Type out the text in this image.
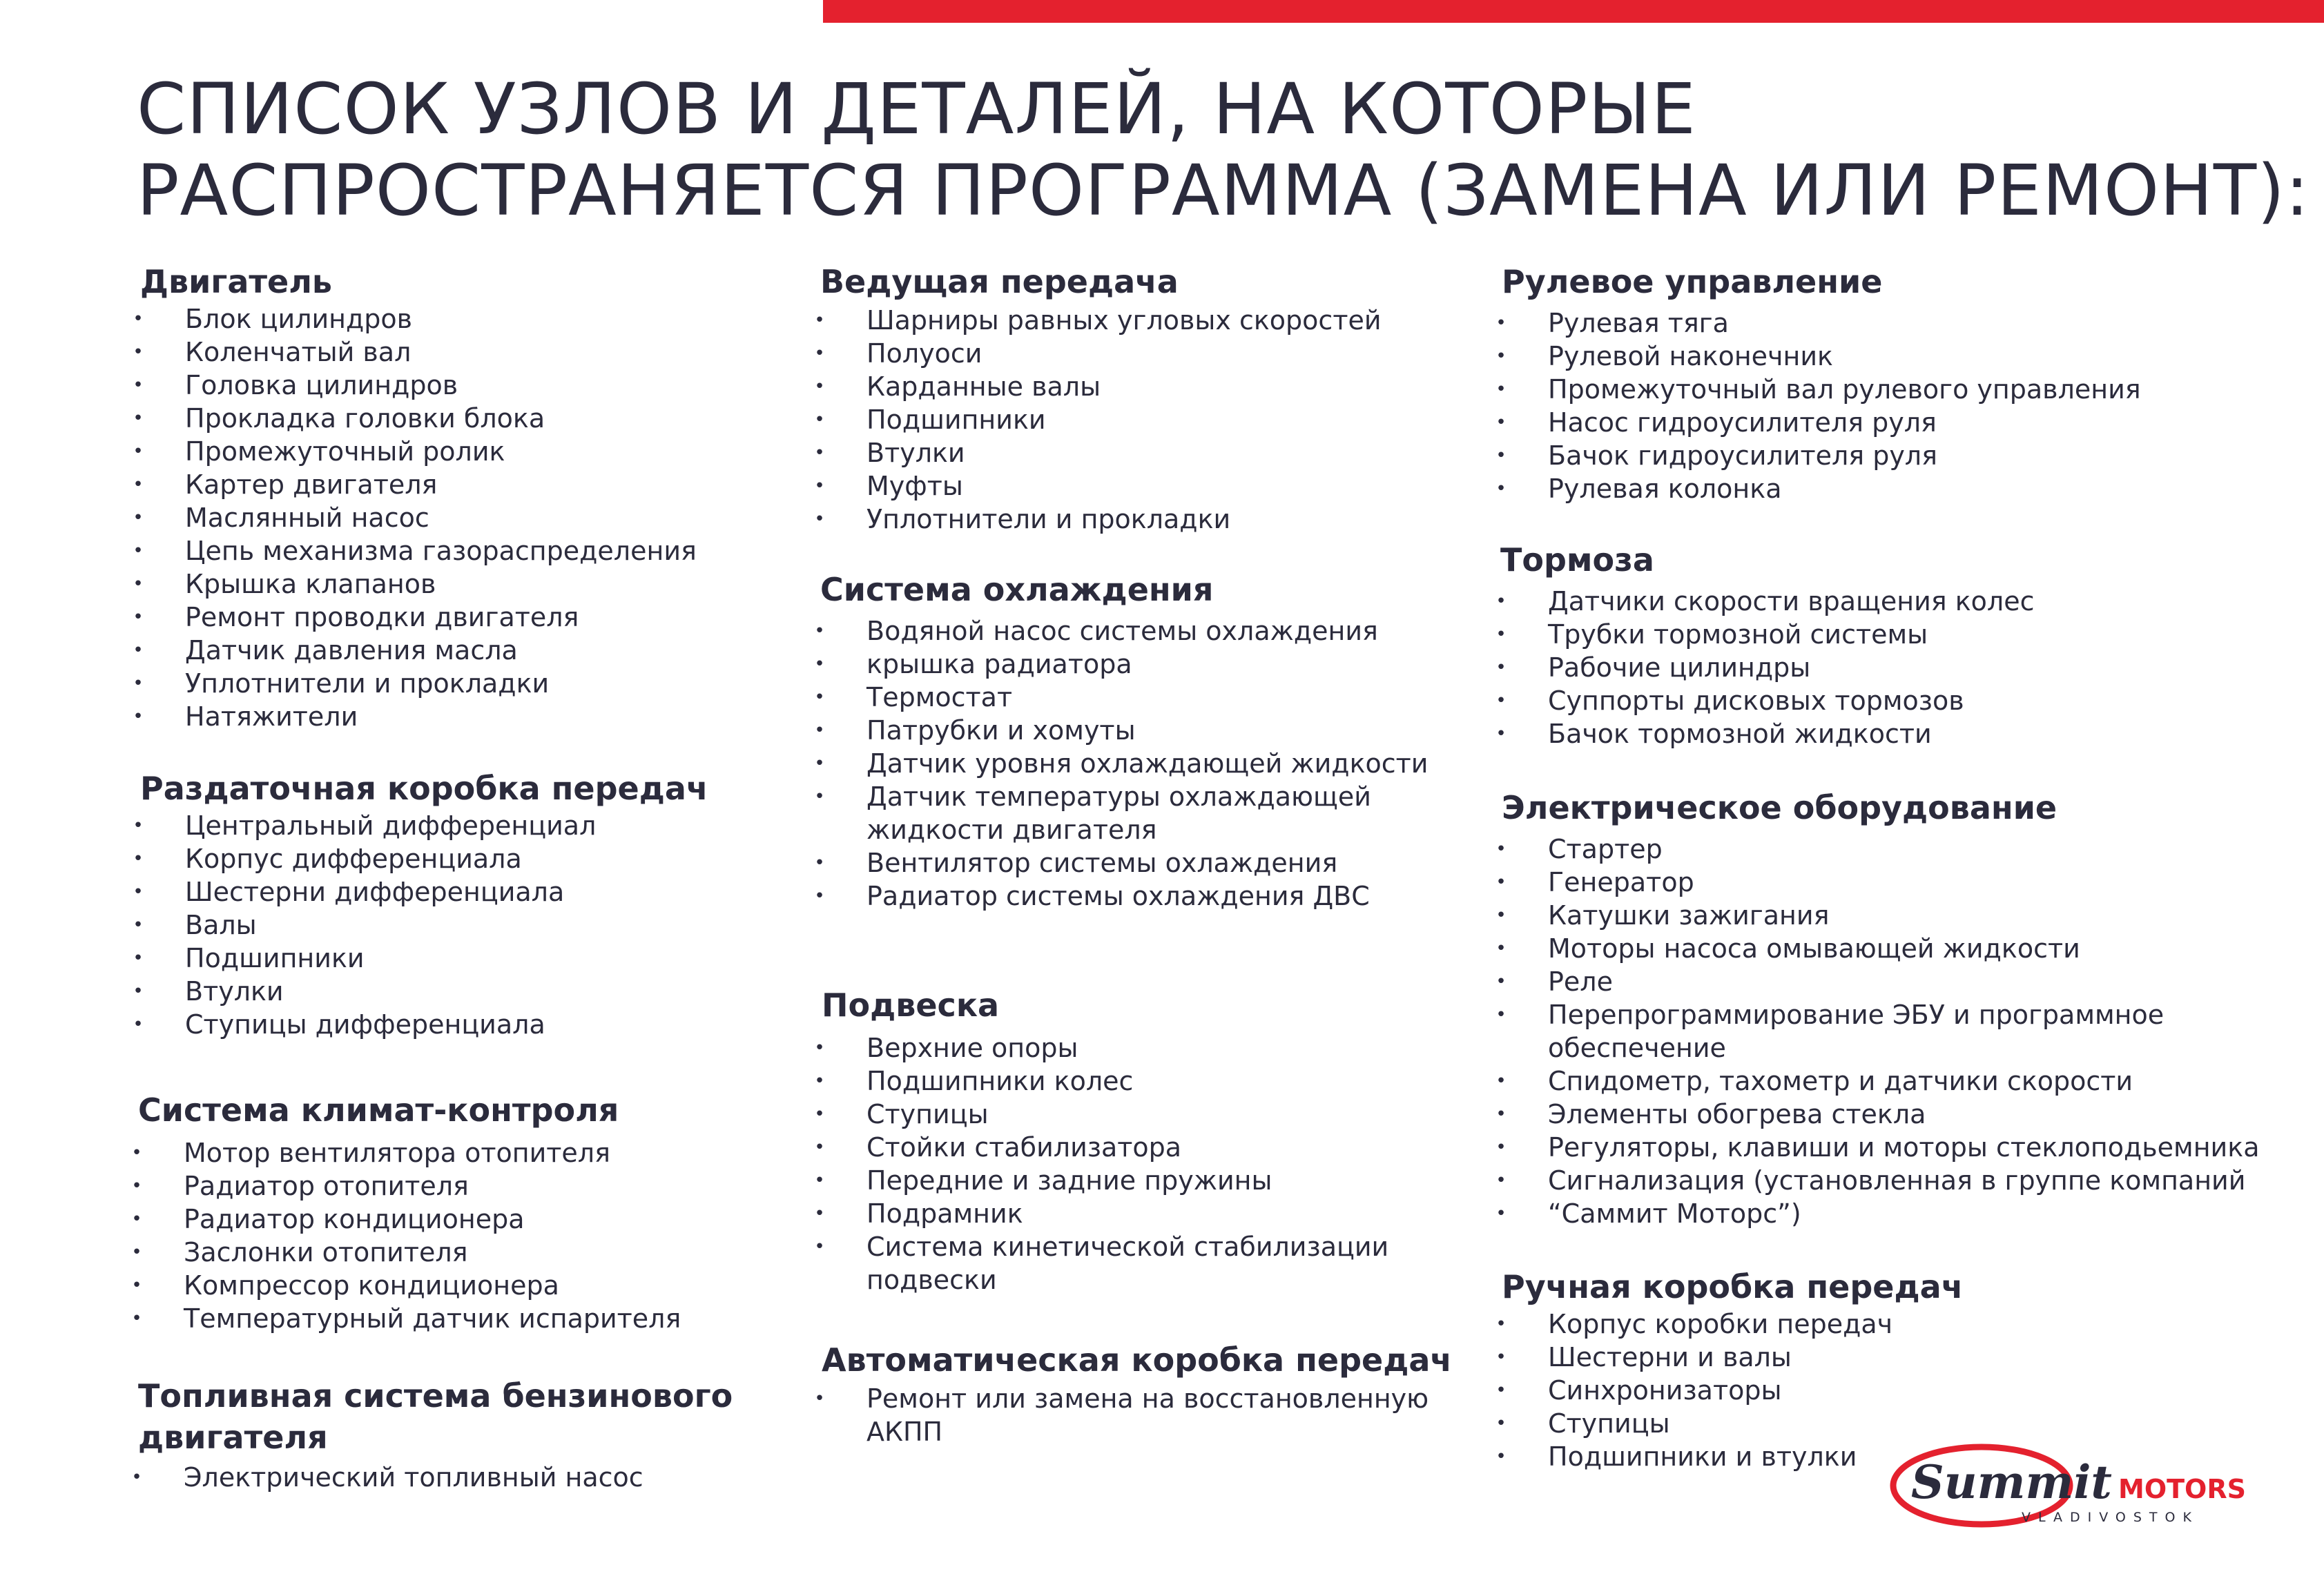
СПИСОК УЗЛОВ И ДЕТАЛЕЙ, НА КОТОРЫЕ
РАСПРОСТРАНЯЕТСЯ ПРОГРАММА (ЗАМЕНА ИЛИ РЕМОНТ):
Двигатель
• Блок цилиндров
• Коленчатый вал
• Головка цилиндров
• Прокладка головки блока
• Промежуточный ролик
• Картер двигателя
• Маслянный насос
• Цепь механизма газораспределения
• Крышка клапанов
• Ремонт проводки двигателя
• Датчик давления масла
• Уплотнители и прокладки
• Натяжители
Раздаточная коробка передач
• Центральный дифференциал
• Корпус дифференциала
• Шестерни дифференциала
• Валы
• Подшипники
• Втулки
• Ступицы дифференциала
Система климат-контроля
• Мотор вентилятора отопителя
• Радиатор отопителя
• Радиатор кондиционера
• Заслонки отопителя
• Компрессор кондиционера
• Температурный датчик испарителя
Топливная система бензинового
двигателя
• Электрический топливный насос
Ведущая передача
• Шарниры равных угловых скоростей
• Полуоси
• Карданные валы
• Подшипники
• Втулки
• Муфты
• Уплотнители и прокладки
Система охлаждения
• Водяной насос системы охлаждения
• крышка радиатора
• Термостат
• Патрубки и хомуты
• Датчик уровня охлаждающей жидкости
• Датчик температуры охлаждающей жидкости двигателя
• Вентилятор системы охлаждения
• Радиатор системы охлаждения ДВС
Подвеска
• Верхние опоры
• Подшипники колес
• Ступицы
• Стойки стабилизатора
• Передние и задние пружины
• Подрамник
• Система кинетической стабилизации подвески
Автоматическая коробка передач
• Ремонт или замена на восстановленную АКПП
Рулевое управление
• Рулевая тяга
• Рулевой наконечник
• Промежуточный вал рулевого управления
• Насос гидроусилителя руля
• Бачок гидроусилителя руля
• Рулевая колонка
Тормоза
• Датчики скорости вращения колес
• Трубки тормозной системы
• Рабочие цилиндры
• Суппорты дисковых тормозов
• Бачок тормозной жидкости
Электрическое оборудование
• Стартер
• Генератор
• Катушки зажигания
• Моторы насоса омывающей жидкости
• Реле
• Перепрограммирование ЭБУ и программное обеспечение
• Спидометр, тахометр и датчики скорости
• Элементы обогрева стекла
• Регуляторы, клавиши и моторы стеклоподьемника
• Сигнализация (установленная в группе компаний
• “Саммит Моторс”)
Ручная коробка передач
• Корпус коробки передач
• Шестерни и валы
• Синхронизаторы
• Ступицы
• Подшипники и втулки	Summit MOTORS
VLADIVOSTOK
